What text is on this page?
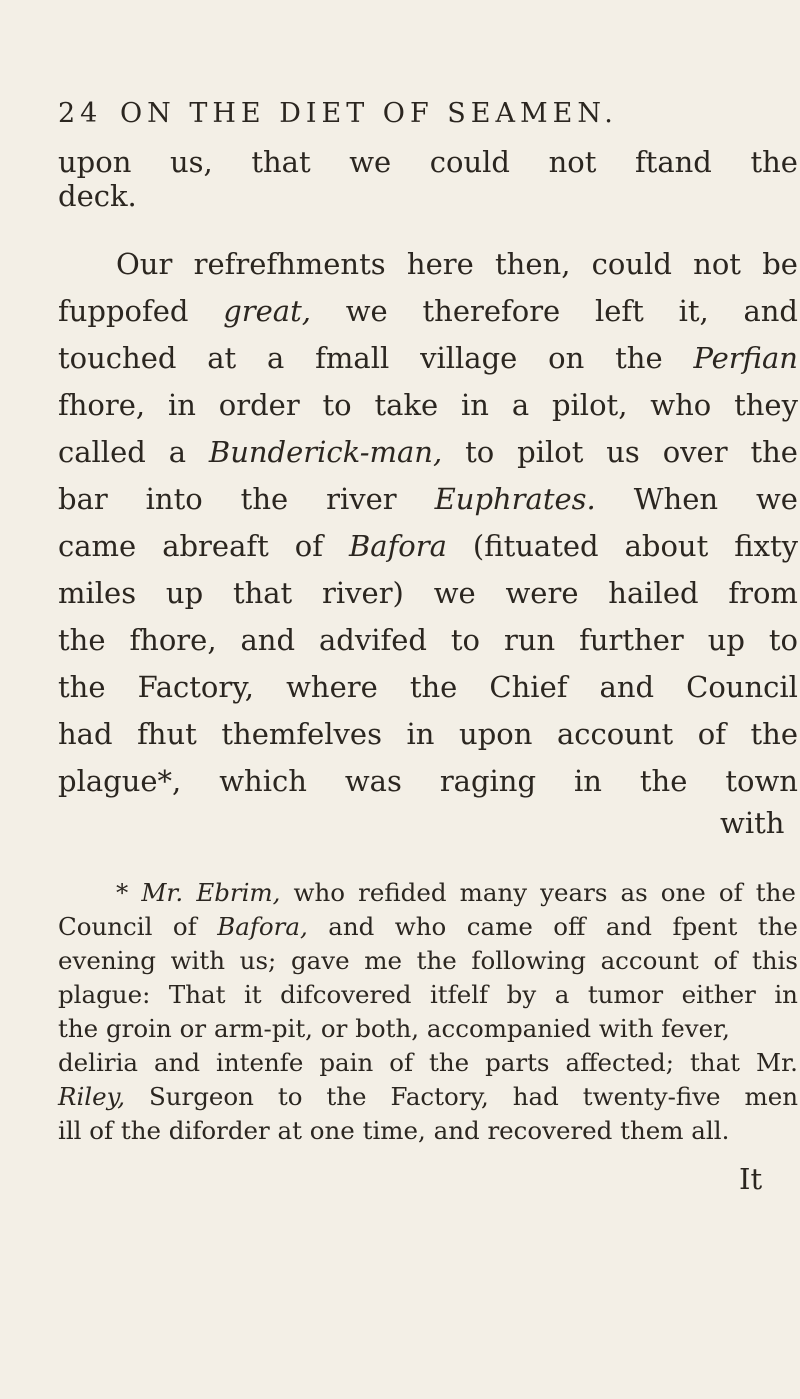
24 ON THE DIET OF SEAMEN.
upon us, that we could not ftand the
deck.
Our refrefhments here then, could not be
fuppofed great, we therefore left it, and
touched at a fmall village on the Perfian
fhore, in order to take in a pilot, who they
called a Bunderick-man, to pilot us over the
bar into the river Euphrates. When we
came abreaft of Bafora (fituated about fixty
miles up that river) we were hailed from
the fhore, and advifed to run further up to
the Factory, where the Chief and Council
had fhut themfelves in upon account of the
plague*, which was raging in the town
with
* Mr. Ebrim, who refided many years as one of the
Council of Bafora, and who came off and fpent the
evening with us; gave me the following account of this
plague: That it difcovered itfelf by a tumor either in
the groin or arm-pit, or both, accompanied with fever,
deliria and intenfe pain of the parts affected; that Mr.
Riley, Surgeon to the Factory, had twenty-five men
ill of the diforder at one time, and recovered them all.
It
